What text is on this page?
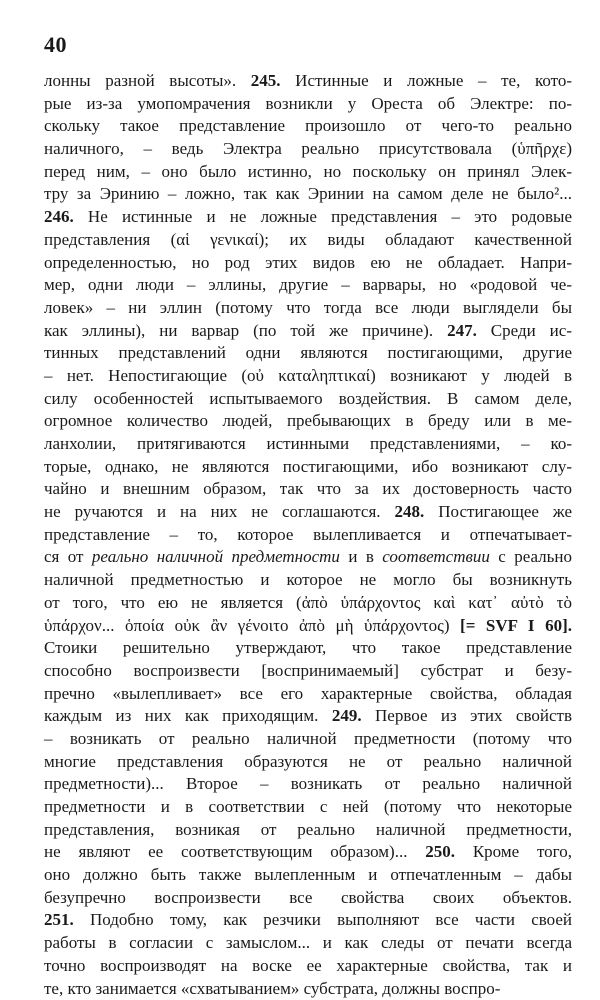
40
лонны разной высоты». 245. Истинные и ложные – те, кото-
рые из-за умопомрачения возникли у Ореста об Электре: по-
скольку такое представление произошло от чего-то реально
наличного, – ведь Электра реально присутствовала (ὑπῆρχε)
перед ним, – оно было истинно, но поскольку он принял Элек-
тру за Эринию – ложно, так как Эринии на самом деле не было²...
246. Не истинные и не ложные представления – это родовые
представления (αἱ γενικαί); их виды обладают качественной
определенностью, но род этих видов ею не обладает. Напри-
мер, одни люди – эллины, другие – варвары, но «родовой че-
ловек» – ни эллин (потому что тогда все люди выглядели бы
как эллины), ни варвар (по той же причине). 247. Среди ис-
тинных представлений одни являются постигающими, другие
– нет. Непостигающие (οὐ καταληπτικαί) возникают у людей в
силу особенностей испытываемого воздействия. В самом деле,
огромное количество людей, пребывающих в бреду или в ме-
ланхолии, притягиваются истинными представлениями, – ко-
торые, однако, не являются постигающими, ибо возникают слу-
чайно и внешним образом, так что за их достоверность часто
не ручаются и на них не соглашаются. 248. Постигающее же
представление – то, которое вылепливается и отпечатывает-
ся от реально наличной предметности и в соответствии с реально
наличной предметностью и которое не могло бы возникнуть
от того, что ею не является (ἀπὸ ὑπάρχοντος καὶ κατ᾽ αὐτὸ τὸ
ὑπάρχον... ὁποία οὐκ ἂν γένοιτο ἀπὸ μὴ ὑπάρχοντος) [= SVF I 60].
Стоики решительно утверждают, что такое представление
способно воспроизвести [воспринимаемый] субстрат и безу-
пречно «вылепливает» все его характерные свойства, обладая
каждым из них как приходящим. 249. Первое из этих свойств
– возникать от реально наличной предметности (потому что
многие представления образуются не от реально наличной
предметности)... Второе – возникать от реально наличной
предметности и в соответствии с ней (потому что некоторые
представления, возникая от реально наличной предметности,
не являют ее соответствующим образом)... 250. Кроме того,
оно должно быть также вылепленным и отпечатленным – дабы
безупречно воспроизвести все свойства своих объектов.
251. Подобно тому, как резчики выполняют все части своей
работы в согласии с замыслом... и как следы от печати всегда
точно воспроизводят на воске ее характерные свойства, так и
те, кто занимается «схватыванием» субстрата, должны воспро-
